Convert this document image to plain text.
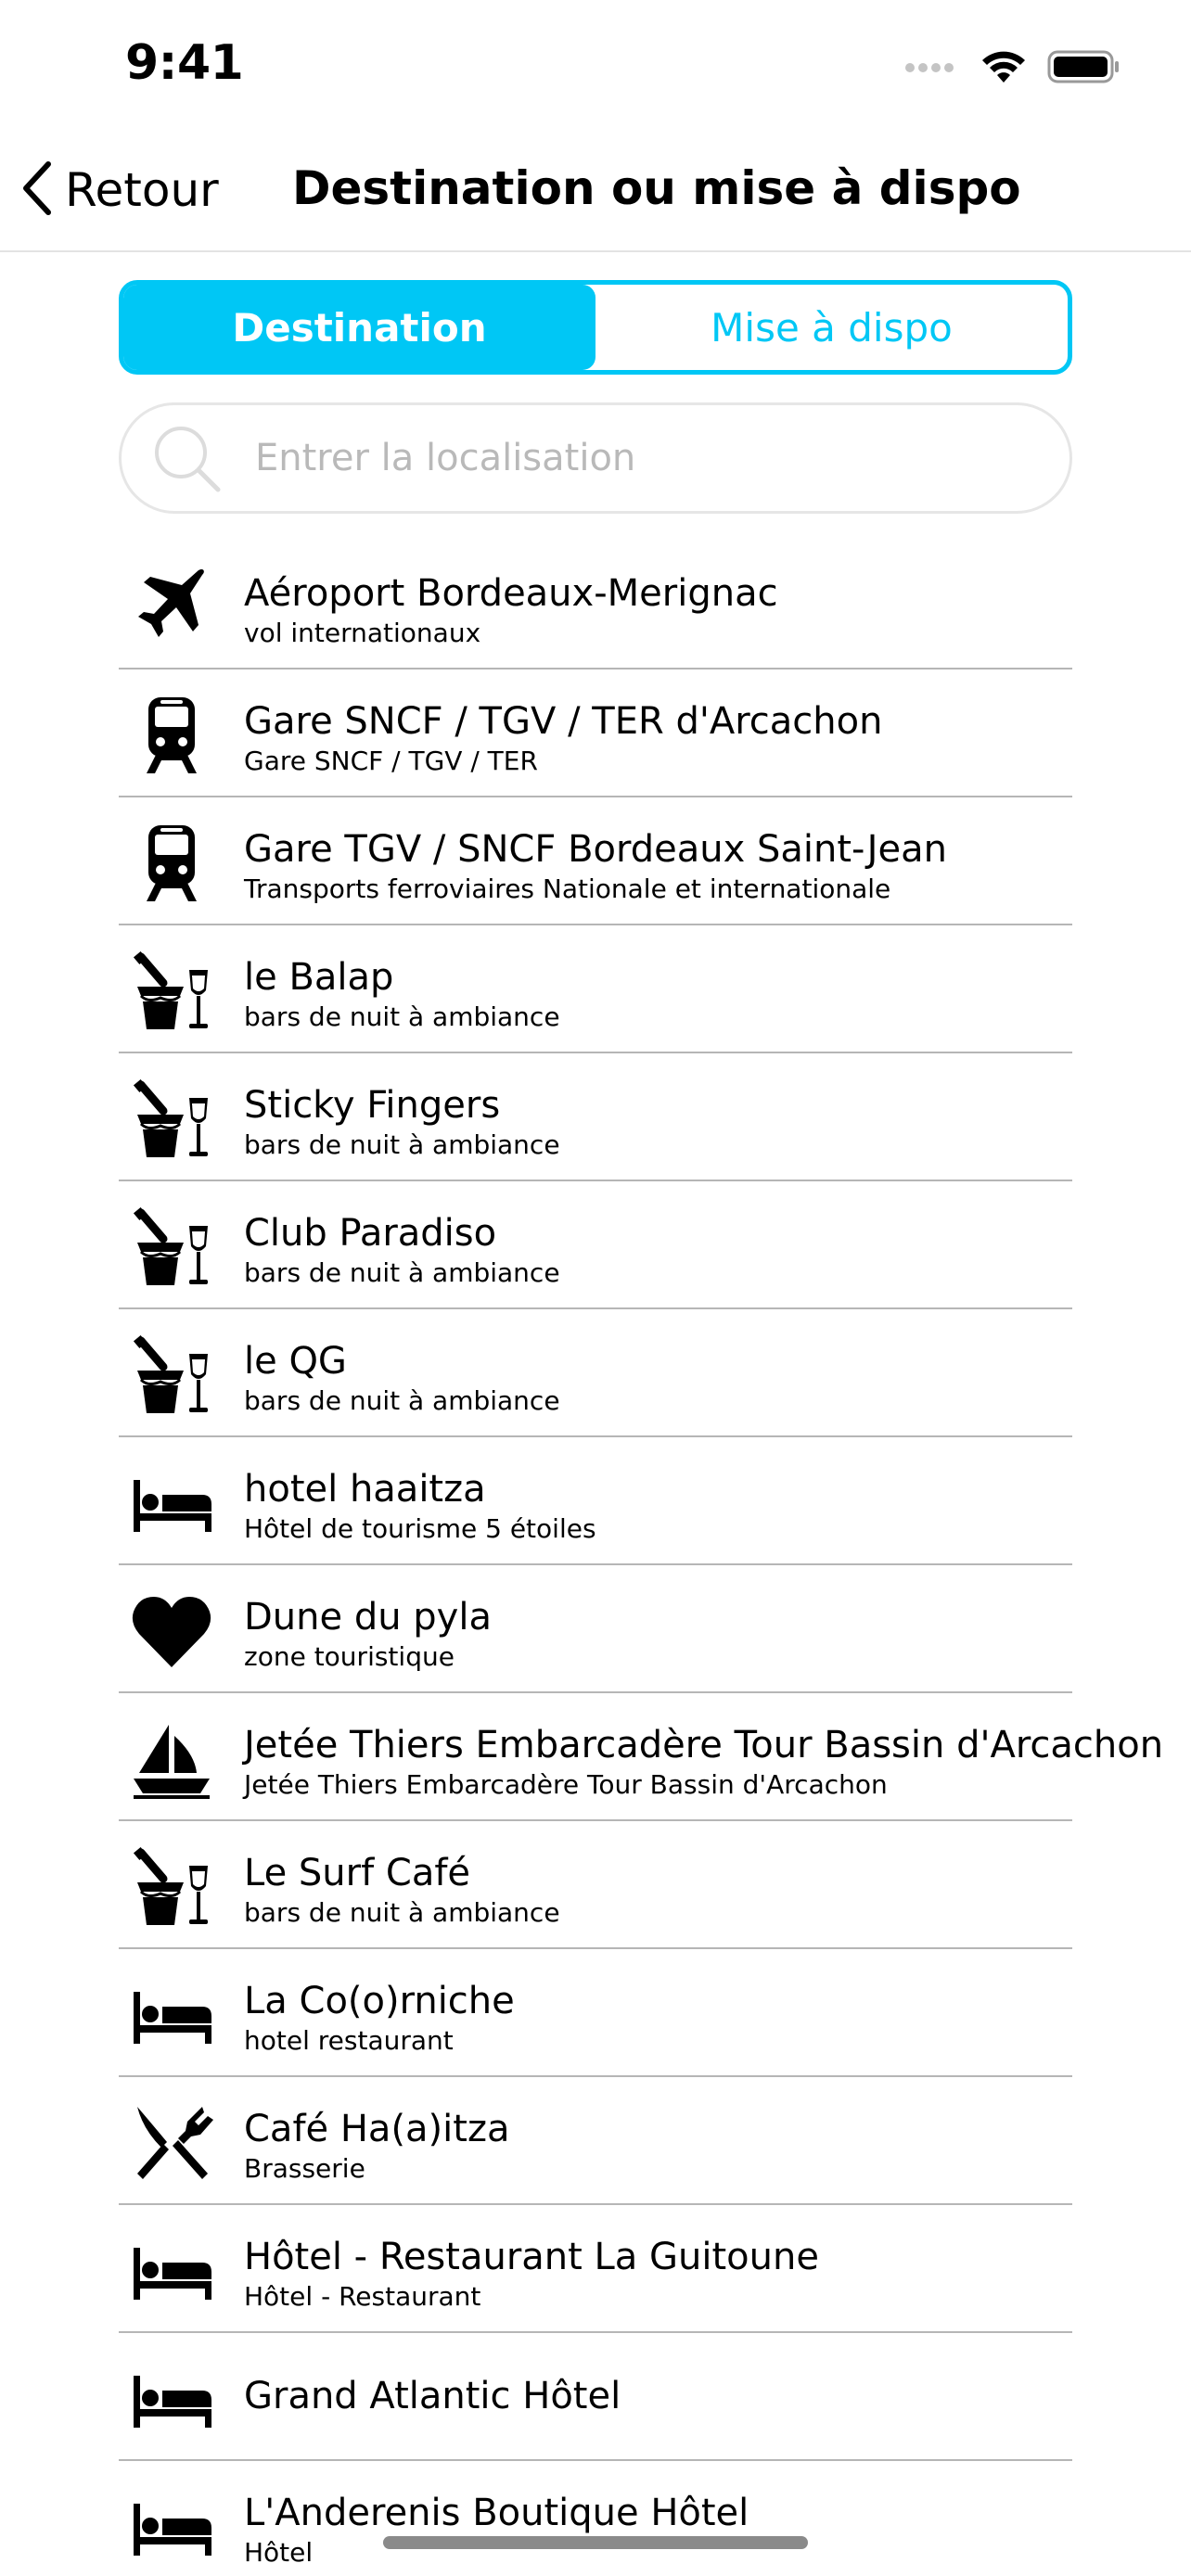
9:41
Retour Destination ou mise à dispo
Destination	Mise à dispo
Entrer la localisation
Aéroport Bordeaux-Merignac
vol internationaux
Gare SNCF / TGV / TER d'Arcachon
Gare SNCF / TGV / TER
Gare TGV / SNCF Bordeaux Saint-Jean
Transports ferroviaires Nationale et internationale
le Balap
bars de nuit à ambiance
Sticky Fingers
bars de nuit à ambiance
Club Paradiso
bars de nuit à ambiance
le QG
bars de nuit à ambiance
hotel haaitza
Hôtel de tourisme 5 étoiles
Dune du pyla
zone touristique
Jetée Thiers Embarcadère Tour Bassin d'Arcachon
Jetée Thiers Embarcadère Tour Bassin d'Arcachon
Le Surf Café
bars de nuit à ambiance
La Co(o)rniche
hotel restaurant
Café Ha(a)itza
Brasserie
Hôtel - Restaurant La Guitoune
Hôtel - Restaurant
Grand Atlantic Hôtel
L'Anderenis Boutique Hôtel
Hôtel
